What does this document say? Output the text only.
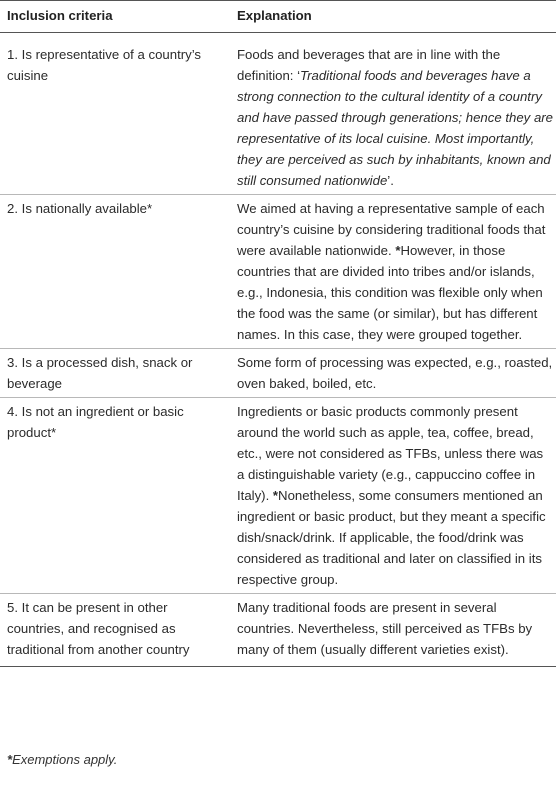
Inclusion criteria	Explanation
1. Is representative of a country’s cuisine	Foods and beverages that are in line with the definition: ‘Traditional foods and beverages have a strong connection to the cultural identity of a country and have passed through generations; hence they are representative of its local cuisine. Most importantly, they are perceived as such by inhabitants, known and still consumed nationwide’.
2. Is nationally available*	We aimed at having a representative sample of each country’s cuisine by considering traditional foods that were available nationwide. *However, in those countries that are divided into tribes and/or islands, e.g., Indonesia, this condition was flexible only when the food was the same (or similar), but has different names. In this case, they were grouped together.
3. Is a processed dish, snack or beverage	Some form of processing was expected, e.g., roasted, oven baked, boiled, etc.
4. Is not an ingredient or basic product*	Ingredients or basic products commonly present around the world such as apple, tea, coffee, bread, etc., were not considered as TFBs, unless there was a distinguishable variety (e.g., cappuccino coffee in Italy). *Nonetheless, some consumers mentioned an ingredient or basic product, but they meant a specific dish/snack/drink. If applicable, the food/drink was considered as traditional and later on classified in its respective group.
5. It can be present in other countries, and recognised as traditional from another country	Many traditional foods are present in several countries. Nevertheless, still perceived as TFBs by many of them (usually different varieties exist).
*Exemptions apply.
